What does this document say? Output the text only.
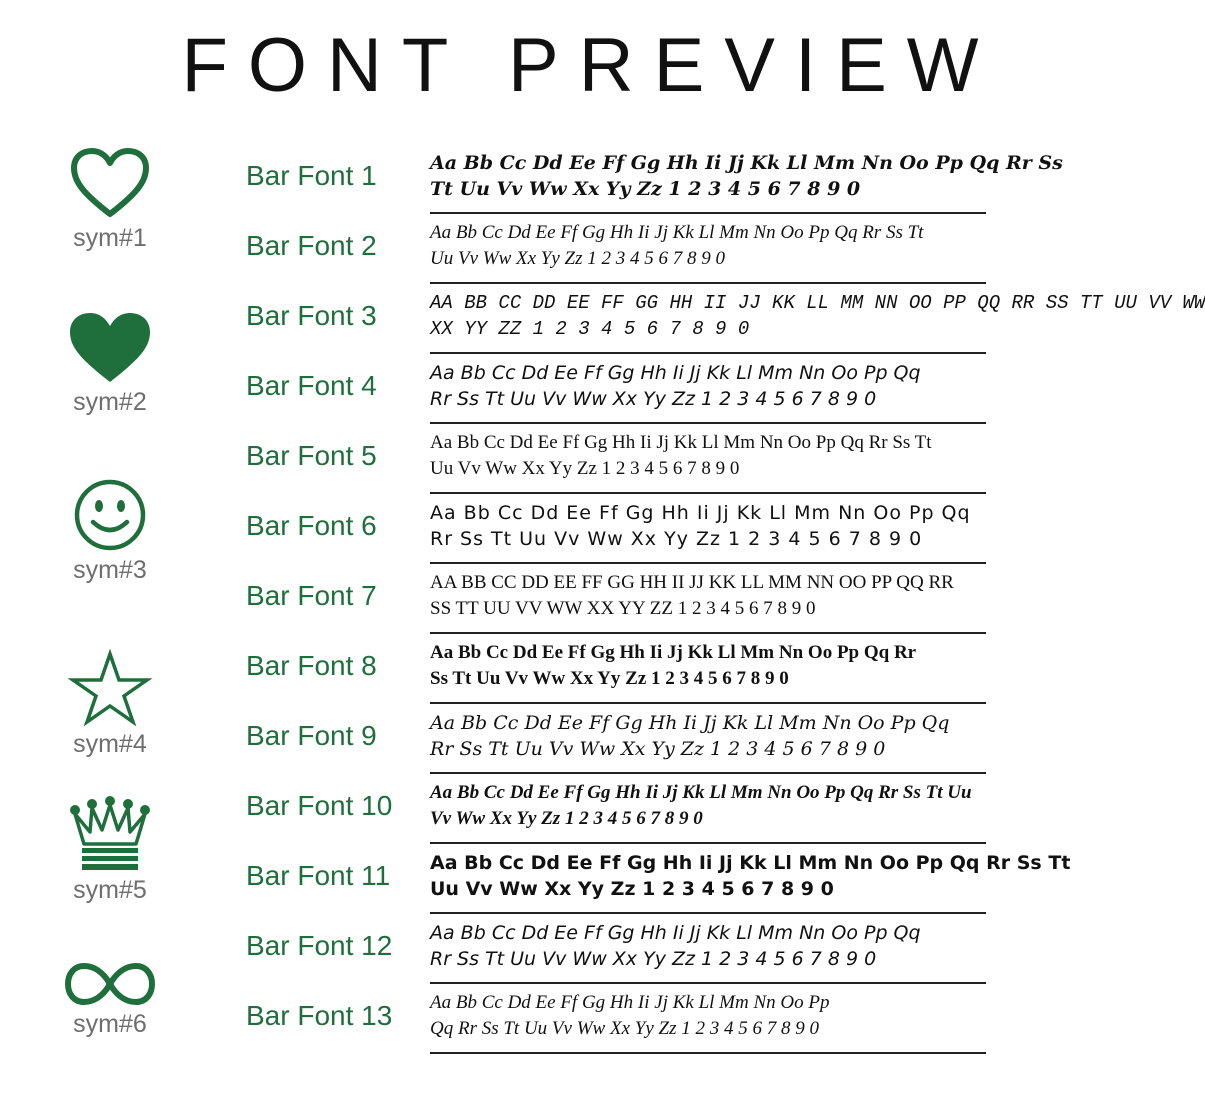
FONT PREVIEW
sym#1
sym#2
sym#3
sym#4
sym#5
sym#6
Bar Font 1	Aa Bb Cc Dd Ee Ff Gg Hh Ii Jj Kk Ll Mm Nn Oo Pp Qq Rr Ss
Tt Uu Vv Ww Xx Yy Zz 1 2 3 4 5 6 7 8 9 0
Bar Font 2	Aa Bb Cc Dd Ee Ff Gg Hh Ii Jj Kk Ll Mm Nn Oo Pp Qq Rr Ss Tt
Uu Vv Ww Xx Yy Zz 1 2 3 4 5 6 7 8 9 0
Bar Font 3	AA BB CC DD EE FF GG HH II JJ KK LL MM NN OO PP QQ RR SS TT UU VV WW
XX YY ZZ 1 2 3 4 5 6 7 8 9 0
Bar Font 4	Aa Bb Cc Dd Ee Ff Gg Hh Ii Jj Kk Ll Mm Nn Oo Pp Qq
Rr Ss Tt Uu Vv Ww Xx Yy Zz 1 2 3 4 5 6 7 8 9 0
Bar Font 5	Aa Bb Cc Dd Ee Ff Gg Hh Ii Jj Kk Ll Mm Nn Oo Pp Qq Rr Ss Tt
Uu Vv Ww Xx Yy Zz 1 2 3 4 5 6 7 8 9 0
Bar Font 6	Aa Bb Cc Dd Ee Ff Gg Hh Ii Jj Kk Ll Mm Nn Oo Pp Qq
Rr Ss Tt Uu Vv Ww Xx Yy Zz 1 2 3 4 5 6 7 8 9 0
Bar Font 7	AA BB CC DD EE FF GG HH II JJ KK LL MM NN OO PP QQ RR
SS TT UU VV WW XX YY ZZ 1 2 3 4 5 6 7 8 9 0
Bar Font 8	Aa Bb Cc Dd Ee Ff Gg Hh Ii Jj Kk Ll Mm Nn Oo Pp Qq Rr
Ss Tt Uu Vv Ww Xx Yy Zz 1 2 3 4 5 6 7 8 9 0
Bar Font 9	Aa Bb Cc Dd Ee Ff Gg Hh Ii Jj Kk Ll Mm Nn Oo Pp Qq
Rr Ss Tt Uu Vv Ww Xx Yy Zz 1 2 3 4 5 6 7 8 9 0
Bar Font 10 Aa Bb Cc Dd Ee Ff Gg Hh Ii Jj Kk Ll Mm Nn Oo Pp Qq Rr Ss Tt Uu
Vv Ww Xx Yy Zz 1 2 3 4 5 6 7 8 9 0
Bar Font 11 Aa Bb Cc Dd Ee Ff Gg Hh Ii Jj Kk Ll Mm Nn Oo Pp Qq Rr Ss Tt
Uu Vv Ww Xx Yy Zz 1 2 3 4 5 6 7 8 9 0
Bar Font 12 Aa Bb Cc Dd Ee Ff Gg Hh Ii Jj Kk Ll Mm Nn Oo Pp Qq
Rr Ss Tt Uu Vv Ww Xx Yy Zz 1 2 3 4 5 6 7 8 9 0
Bar Font 13 Aa Bb Cc Dd Ee Ff Gg Hh Ii Jj Kk Ll Mm Nn Oo Pp
Qq Rr Ss Tt Uu Vv Ww Xx Yy Zz 1 2 3 4 5 6 7 8 9 0
